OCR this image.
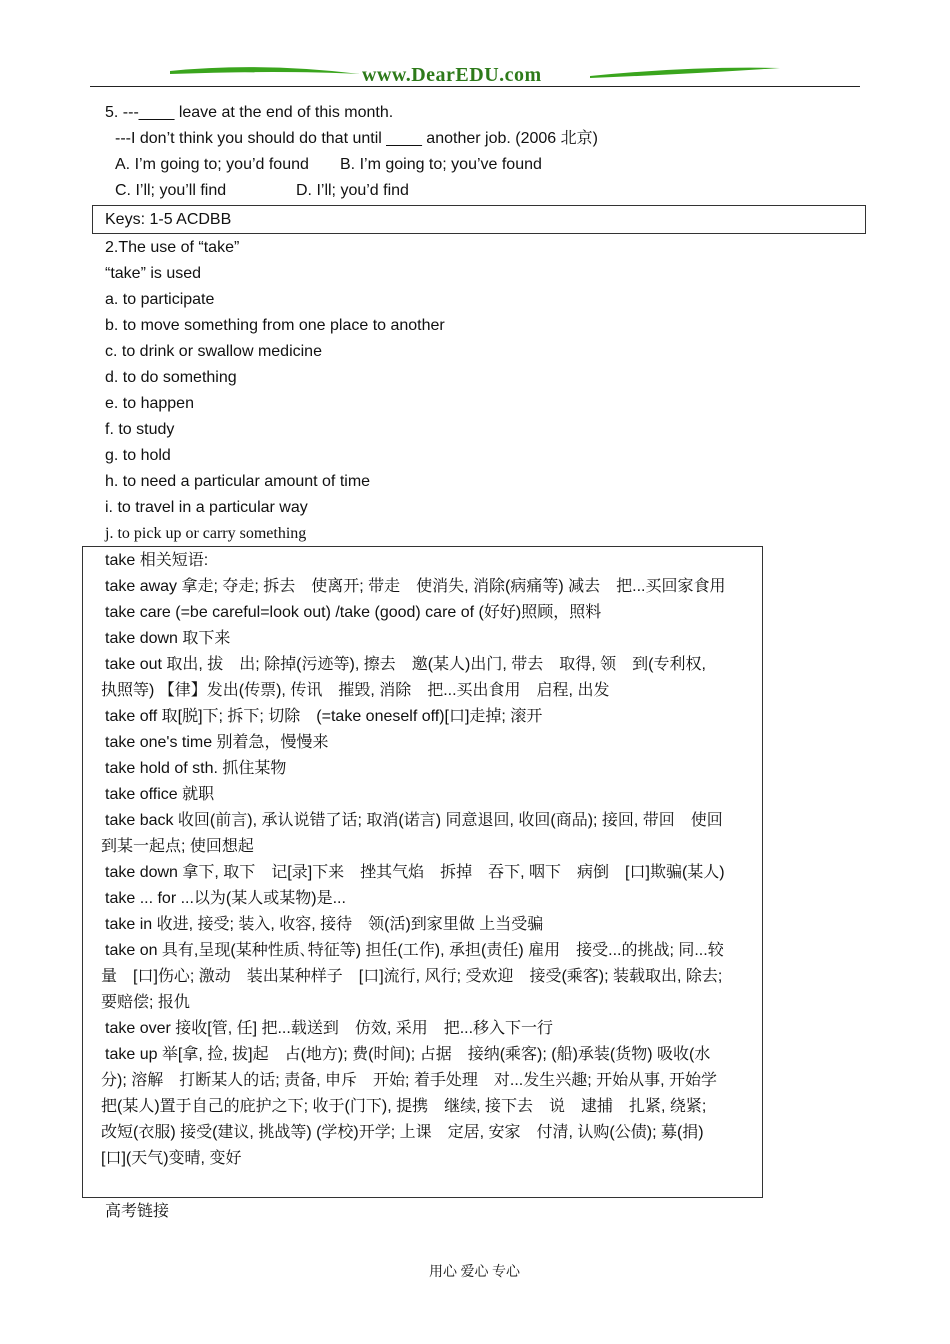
www.DearEDU.com
5. ---____ leave at the end of this month.
---I don’t think you should do that until ____ another job. (2006 北京)
A. I’m going to; you’d found B. I’m going to; you’ve found
C. I’ll; you’ll find	D. I’ll; you’d find
Keys: 1-5 ACDBB
2.The use of “take”
“take” is used
a. to participate
b. to move something from one place to another
c. to drink or swallow medicine
d. to do something
e. to happen
f. to study
g. to hold
h. to need a particular amount of time
i. to travel in a particular way
j. to pick up or carry something
take 相关短语:
take away 拿走; 夺走; 拆去　使离开; 带走　使消失, 消除(病痛等) 减去　把...买回家食用
take care (=be careful=look out) /take (good) care of (好好)照顾，照料
take down 取下来
take out 取出, 拔　出; 除掉(污迹等), 擦去　邀(某人)出门, 带去　取得, 领　到(专利权,
执照等) 【律】发出(传票), 传讯　摧毁, 消除　把...买出食用　启程, 出发
take off 取[脱]下; 拆下; 切除　(=take oneself off)[口]走掉; 滚开
take one's time 别着急，慢慢来
take hold of sth. 抓住某物
take office 就职
take back 收回(前言), 承认说错了话; 取消(诺言) 同意退回, 收回(商品); 接回, 带回　使回
到某一起点; 使回想起
take down 拿下, 取下　记[录]下来　挫其气焰　拆掉　吞下, 咽下　病倒　[口]欺骗(某人)
take ... for ...以为(某人或某物)是...
take in 收进, 接受; 装入, 收容, 接待　领(活)到家里做 上当受骗
take on 具有,呈现(某种性质､特征等) 担任(工作), 承担(责任) 雇用　接受...的挑战; 同...较
量　[口]伤心; 激动　装出某种样子　[口]流行, 风行; 受欢迎　接受(乘客); 装载取出, 除去;
要赔偿; 报仇
take over 接收[管, 任] 把...载送到　仿效, 采用　把...移入下一行
take up 举[拿, 捡, 拔]起　占(地方); 费(时间); 占据　接纳(乘客); (船)承装(货物) 吸收(水
分); 溶解　打断某人的话; 责备, 申斥　开始; 着手处理　对...发生兴趣; 开始从事, 开始学
把(某人)置于自己的庇护之下; 收于(门下), 提携　继续, 接下去　说　逮捕　扎紧, 绕紧;
改短(衣服) 接受(建议, 挑战等) (学校)开学; 上课　定居, 安家　付清, 认购(公债); 募(捐)
[口](天气)变晴, 变好
高考链接
用心 爱心 专心
